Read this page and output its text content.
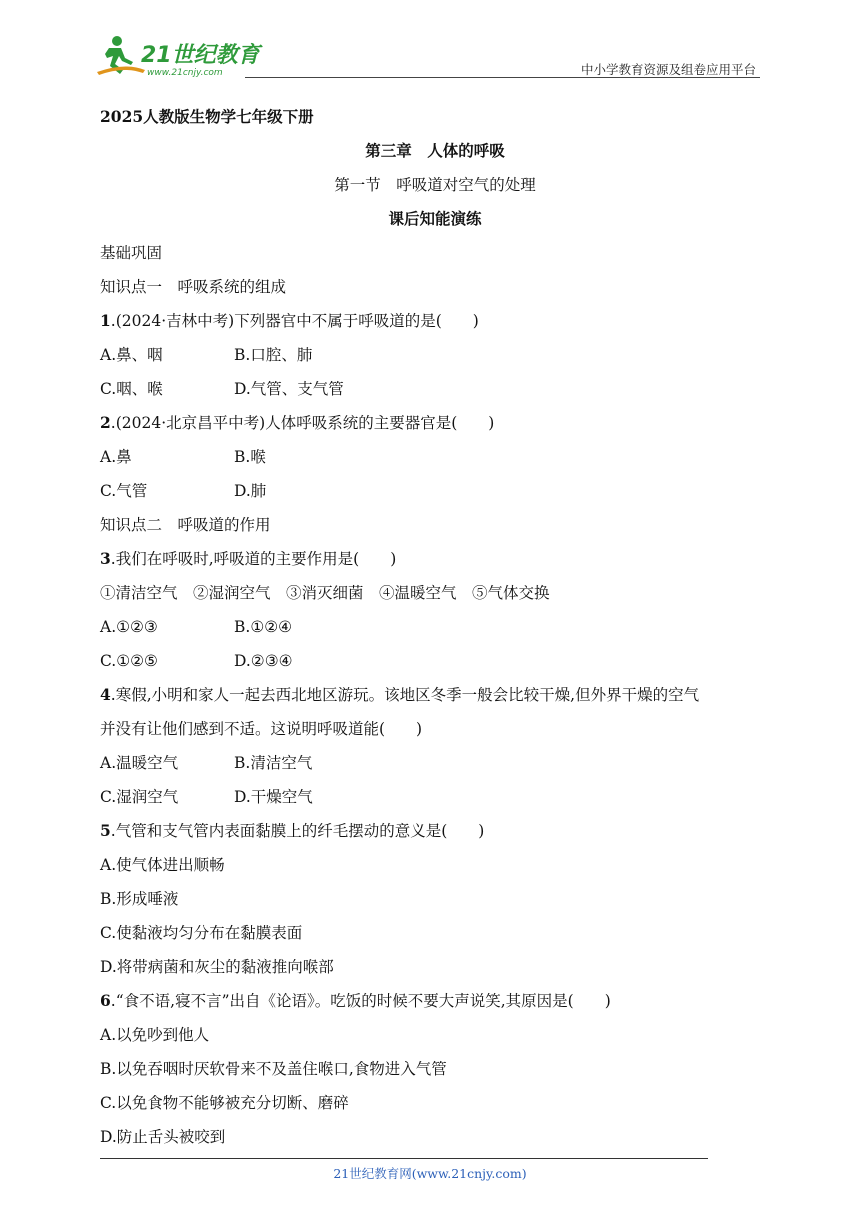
21世纪教育
www.21cnjy.com	中小学教育资源及组卷应用平台
2025人教版生物学七年级下册
第三章　人体的呼吸
第一节　呼吸道对空气的处理
课后知能演练
基础巩固
知识点一　呼吸系统的组成
1.(2024·吉林中考)下列器官中不属于呼吸道的是(　　)
A.鼻、咽	B.口腔、肺
C.咽、喉	D.气管、支气管
2.(2024·北京昌平中考)人体呼吸系统的主要器官是(　　)
A.鼻	B.喉
C.气管	D.肺
知识点二　呼吸道的作用
3.我们在呼吸时,呼吸道的主要作用是(　　)
①清洁空气　②湿润空气　③消灭细菌　④温暖空气　⑤气体交换
A.①②③	B.①②④
C.①②⑤	D.②③④
4.寒假,小明和家人一起去西北地区游玩。该地区冬季一般会比较干燥,但外界干燥的空气
并没有让他们感到不适。这说明呼吸道能(　　)
A.温暖空气	B.清洁空气
C.湿润空气	D.干燥空气
5.气管和支气管内表面黏膜上的纤毛摆动的意义是(　　)
A.使气体进出顺畅
B.形成唾液
C.使黏液均匀分布在黏膜表面
D.将带病菌和灰尘的黏液推向喉部
6.“食不语,寝不言”出自《论语》。吃饭的时候不要大声说笑,其原因是(　　)
A.以免吵到他人
B.以免吞咽时厌软骨来不及盖住喉口,食物进入气管
C.以免食物不能够被充分切断、磨碎
D.防止舌头被咬到
21世纪教育网(www.21cnjy.com)
